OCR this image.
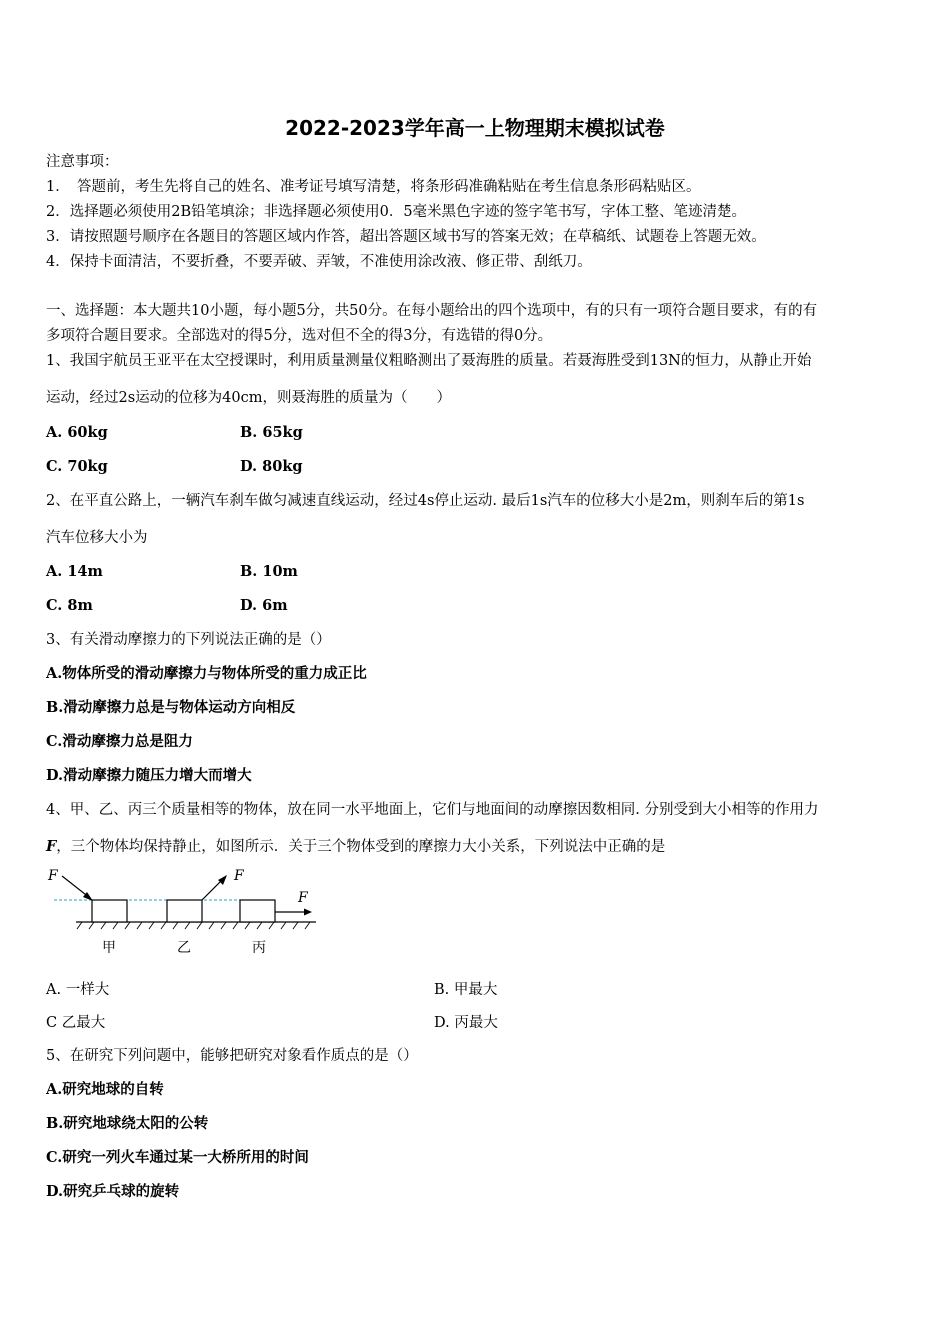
2022-2023学年高一上物理期末模拟试卷
注意事项：
1．　答题前，考生先将自己的姓名、准考证号填写清楚，将条形码准确粘贴在考生信息条形码粘贴区。
2．选择题必须使用2B铅笔填涂；非选择题必须使用0．5毫米黑色字迹的签字笔书写，字体工整、笔迹清楚。
3．请按照题号顺序在各题目的答题区域内作答，超出答题区域书写的答案无效；在草稿纸、试题卷上答题无效。
4．保持卡面清洁，不要折叠，不要弄破、弄皱，不准使用涂改液、修正带、刮纸刀。
一、选择题：本大题共10小题，每小题5分，共50分。在每小题给出的四个选项中，有的只有一项符合题目要求，有的有
多项符合题目要求。全部选对的得5分，选对但不全的得3分，有选错的得0分。
1、我国宇航员王亚平在太空授课时，利用质量测量仪粗略测出了聂海胜的质量。若聂海胜受到13N的恒力，从静止开始
运动，经过2s运动的位移为40cm，则聂海胜的质量为（　　）
A. 60kg	B. 65kg
C. 70kg	D. 80kg
2、在平直公路上，一辆汽车刹车做匀减速直线运动，经过4s停止运动. 最后1s汽车的位移大小是2m，则刹车后的第1s
汽车位移大小为
A. 14m	B. 10m
C. 8m	D. 6m
3、有关滑动摩擦力的下列说法正确的是（）
A.物体所受的滑动摩擦力与物体所受的重力成正比
B.滑动摩擦力总是与物体运动方向相反
C.滑动摩擦力总是阻力
D.滑动摩擦力随压力增大而增大
4、甲、乙、丙三个质量相等的物体，放在同一水平地面上，它们与地面间的动摩擦因数相同. 分别受到大小相等的作用力
F，三个物体均保持静止，如图所示．关于三个物体受到的摩擦力大小关系，下列说法中正确的是
F	F
F
甲	乙	丙
A. 一样大	B. 甲最大
C 乙最大	D. 丙最大
5、在研究下列问题中，能够把研究对象看作质点的是（）
A.研究地球的自转
B.研究地球绕太阳的公转
C.研究一列火车通过某一大桥所用的时间
D.研究乒乓球的旋转
